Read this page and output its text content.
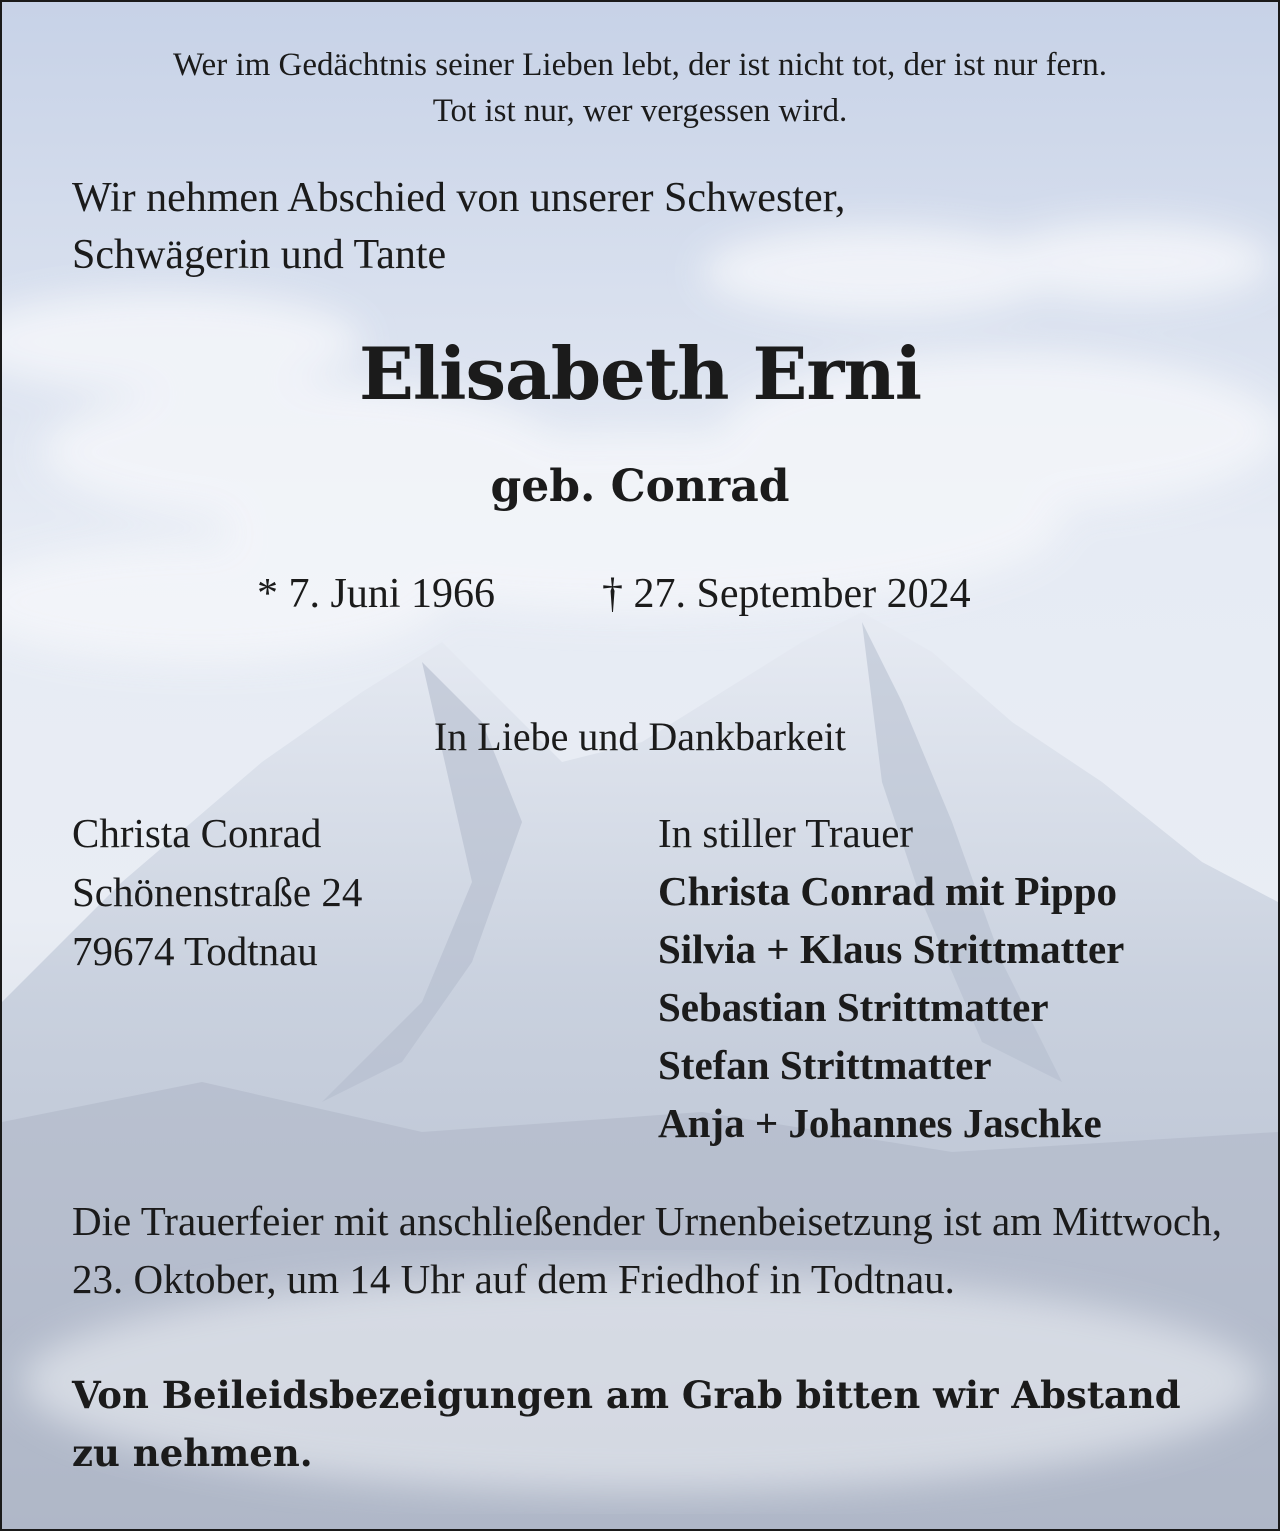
Wer im Gedächtnis seiner Lieben lebt, der ist nicht tot, der ist nur fern.
Tot ist nur, wer vergessen wird.
Wir nehmen Abschied von unserer Schwester,
Schwägerin und Tante
Elisabeth Erni
geb. Conrad
* 7. Juni 1966	† 27. September 2024
In Liebe und Dankbarkeit
Christa Conrad
Schönenstraße 24
79674 Todtnau
In stiller Trauer
Christa Conrad mit Pippo
Silvia + Klaus Strittmatter
Sebastian Strittmatter
Stefan Strittmatter
Anja + Johannes Jaschke
Die Trauerfeier mit anschließender Urnenbeisetzung ist am Mittwoch, 23. Oktober, um 14 Uhr auf dem Friedhof in Todtnau.
Von Beileidsbezeigungen am Grab bitten wir Abstand zu nehmen.
